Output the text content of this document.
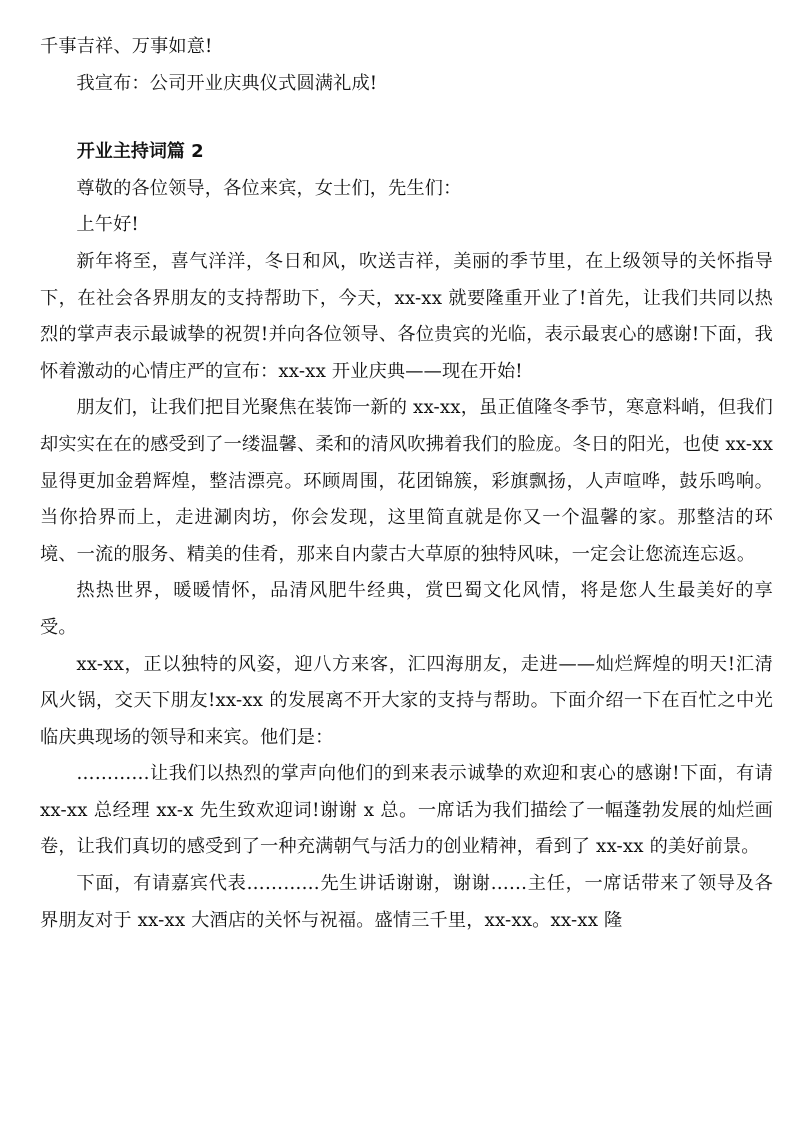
千事吉祥、万事如意!

我宣布：公司开业庆典仪式圆满礼成!

开业主持词篇 2

尊敬的各位领导，各位来宾，女士们，先生们：

上午好!

新年将至，喜气洋洋，冬日和风，吹送吉祥，美丽的季节里，在上级领导的关怀指导下，在社会各界朋友的支持帮助下，今天，xx-xx 就要隆重开业了!首先，让我们共同以热烈的掌声表示最诚挚的祝贺!并向各位领导、各位贵宾的光临，表示最衷心的感谢!下面，我怀着激动的心情庄严的宣布：xx-xx 开业庆典——现在开始!

朋友们，让我们把目光聚焦在装饰一新的 xx-xx，虽正值隆冬季节，寒意料峭，但我们却实实在在的感受到了一缕温馨、柔和的清风吹拂着我们的脸庞。冬日的阳光，也使 xx-xx 显得更加金碧辉煌，整洁漂亮。环顾周围，花团锦簇，彩旗飘扬，人声喧哗，鼓乐鸣响。当你拾界而上，走进涮肉坊，你会发现，这里简直就是你又一个温馨的家。那整洁的环境、一流的服务、精美的佳肴，那来自内蒙古大草原的独特风味，一定会让您流连忘返。

热热世界，暖暖情怀，品清风肥牛经典，赏巴蜀文化风情，将是您人生最美好的享受。

xx-xx，正以独特的风姿，迎八方来客，汇四海朋友，走进——灿烂辉煌的明天!汇清风火锅，交天下朋友!xx-xx 的发展离不开大家的支持与帮助。下面介绍一下在百忙之中光临庆典现场的领导和来宾。他们是：

…………让我们以热烈的掌声向他们的到来表示诚挚的欢迎和衷心的感谢!下面，有请 xx-xx 总经理 xx-x 先生致欢迎词!谢谢 x 总。一席话为我们描绘了一幅蓬勃发展的灿烂画卷，让我们真切的感受到了一种充满朝气与活力的创业精神，看到了 xx-xx 的美好前景。

下面，有请嘉宾代表…………先生讲话谢谢，谢谢……主任，一席话带来了领导及各界朋友对于 xx-xx 大酒店的关怀与祝福。盛情三千里，xx-xx。xx-xx 隆
